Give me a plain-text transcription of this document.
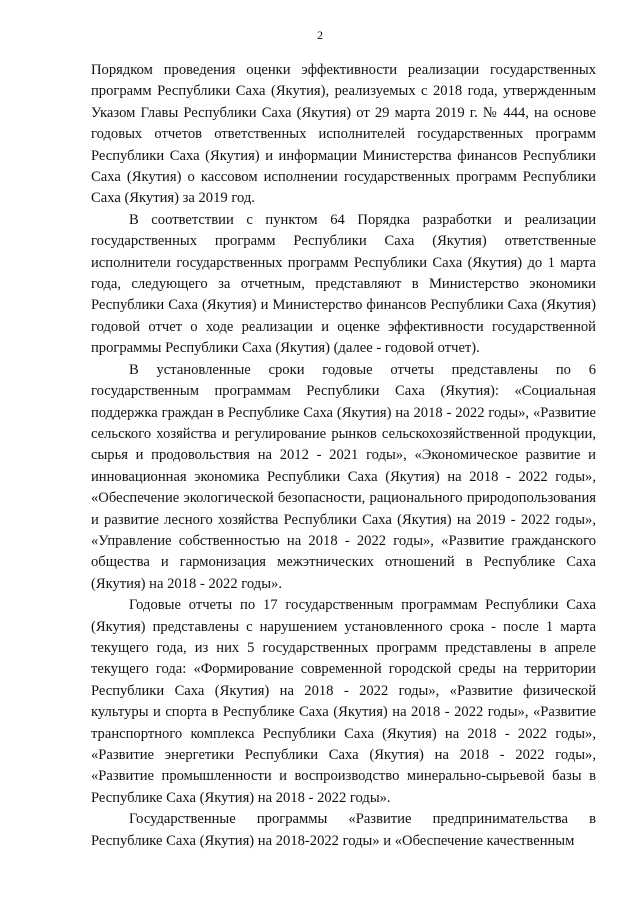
2

Порядком проведения оценки эффективности реализации государственных программ Республики Саха (Якутия), реализуемых с 2018 года, утвержденным Указом Главы Республики Саха (Якутия) от 29 марта 2019 г. № 444, на основе годовых отчетов ответственных исполнителей государственных программ Республики Саха (Якутия) и информации Министерства финансов Республики Саха (Якутия) о кассовом исполнении государственных программ Республики Саха (Якутия) за 2019 год.

В соответствии с пунктом 64 Порядка разработки и реализации государственных программ Республики Саха (Якутия) ответственные исполнители государственных программ Республики Саха (Якутия) до 1 марта года, следующего за отчетным, представляют в Министерство экономики Республики Саха (Якутия) и Министерство финансов Республики Саха (Якутия) годовой отчет о ходе реализации и оценке эффективности государственной программы Республики Саха (Якутия) (далее - годовой отчет).

В установленные сроки годовые отчеты представлены по 6 государственным программам Республики Саха (Якутия): «Социальная поддержка граждан в Республике Саха (Якутия) на 2018 - 2022 годы», «Развитие сельского хозяйства и регулирование рынков сельскохозяйственной продукции, сырья и продовольствия на 2012 - 2021 годы», «Экономическое развитие и инновационная экономика Республики Саха (Якутия) на 2018 - 2022 годы», «Обеспечение экологической безопасности, рационального природопользования и развитие лесного хозяйства Республики Саха (Якутия) на 2019 - 2022 годы», «Управление собственностью на 2018 - 2022 годы», «Развитие гражданского общества и гармонизация межэтнических отношений в Республике Саха (Якутия) на 2018 - 2022 годы».

Годовые отчеты по 17 государственным программам Республики Саха (Якутия) представлены с нарушением установленного срока - после 1 марта текущего года, из них 5 государственных программ представлены в апреле текущего года: «Формирование современной городской среды на территории Республики Саха (Якутия) на 2018 - 2022 годы», «Развитие физической культуры и спорта в Республике Саха (Якутия) на 2018 - 2022 годы», «Развитие транспортного комплекса Республики Саха (Якутия) на 2018 - 2022 годы», «Развитие энергетики Республики Саха (Якутия) на 2018 - 2022 годы», «Развитие промышленности и воспроизводство минерально-сырьевой базы в Республике Саха (Якутия) на 2018 - 2022 годы».

Государственные программы «Развитие предпринимательства в Республике Саха (Якутия) на 2018-2022 годы» и «Обеспечение качественным
